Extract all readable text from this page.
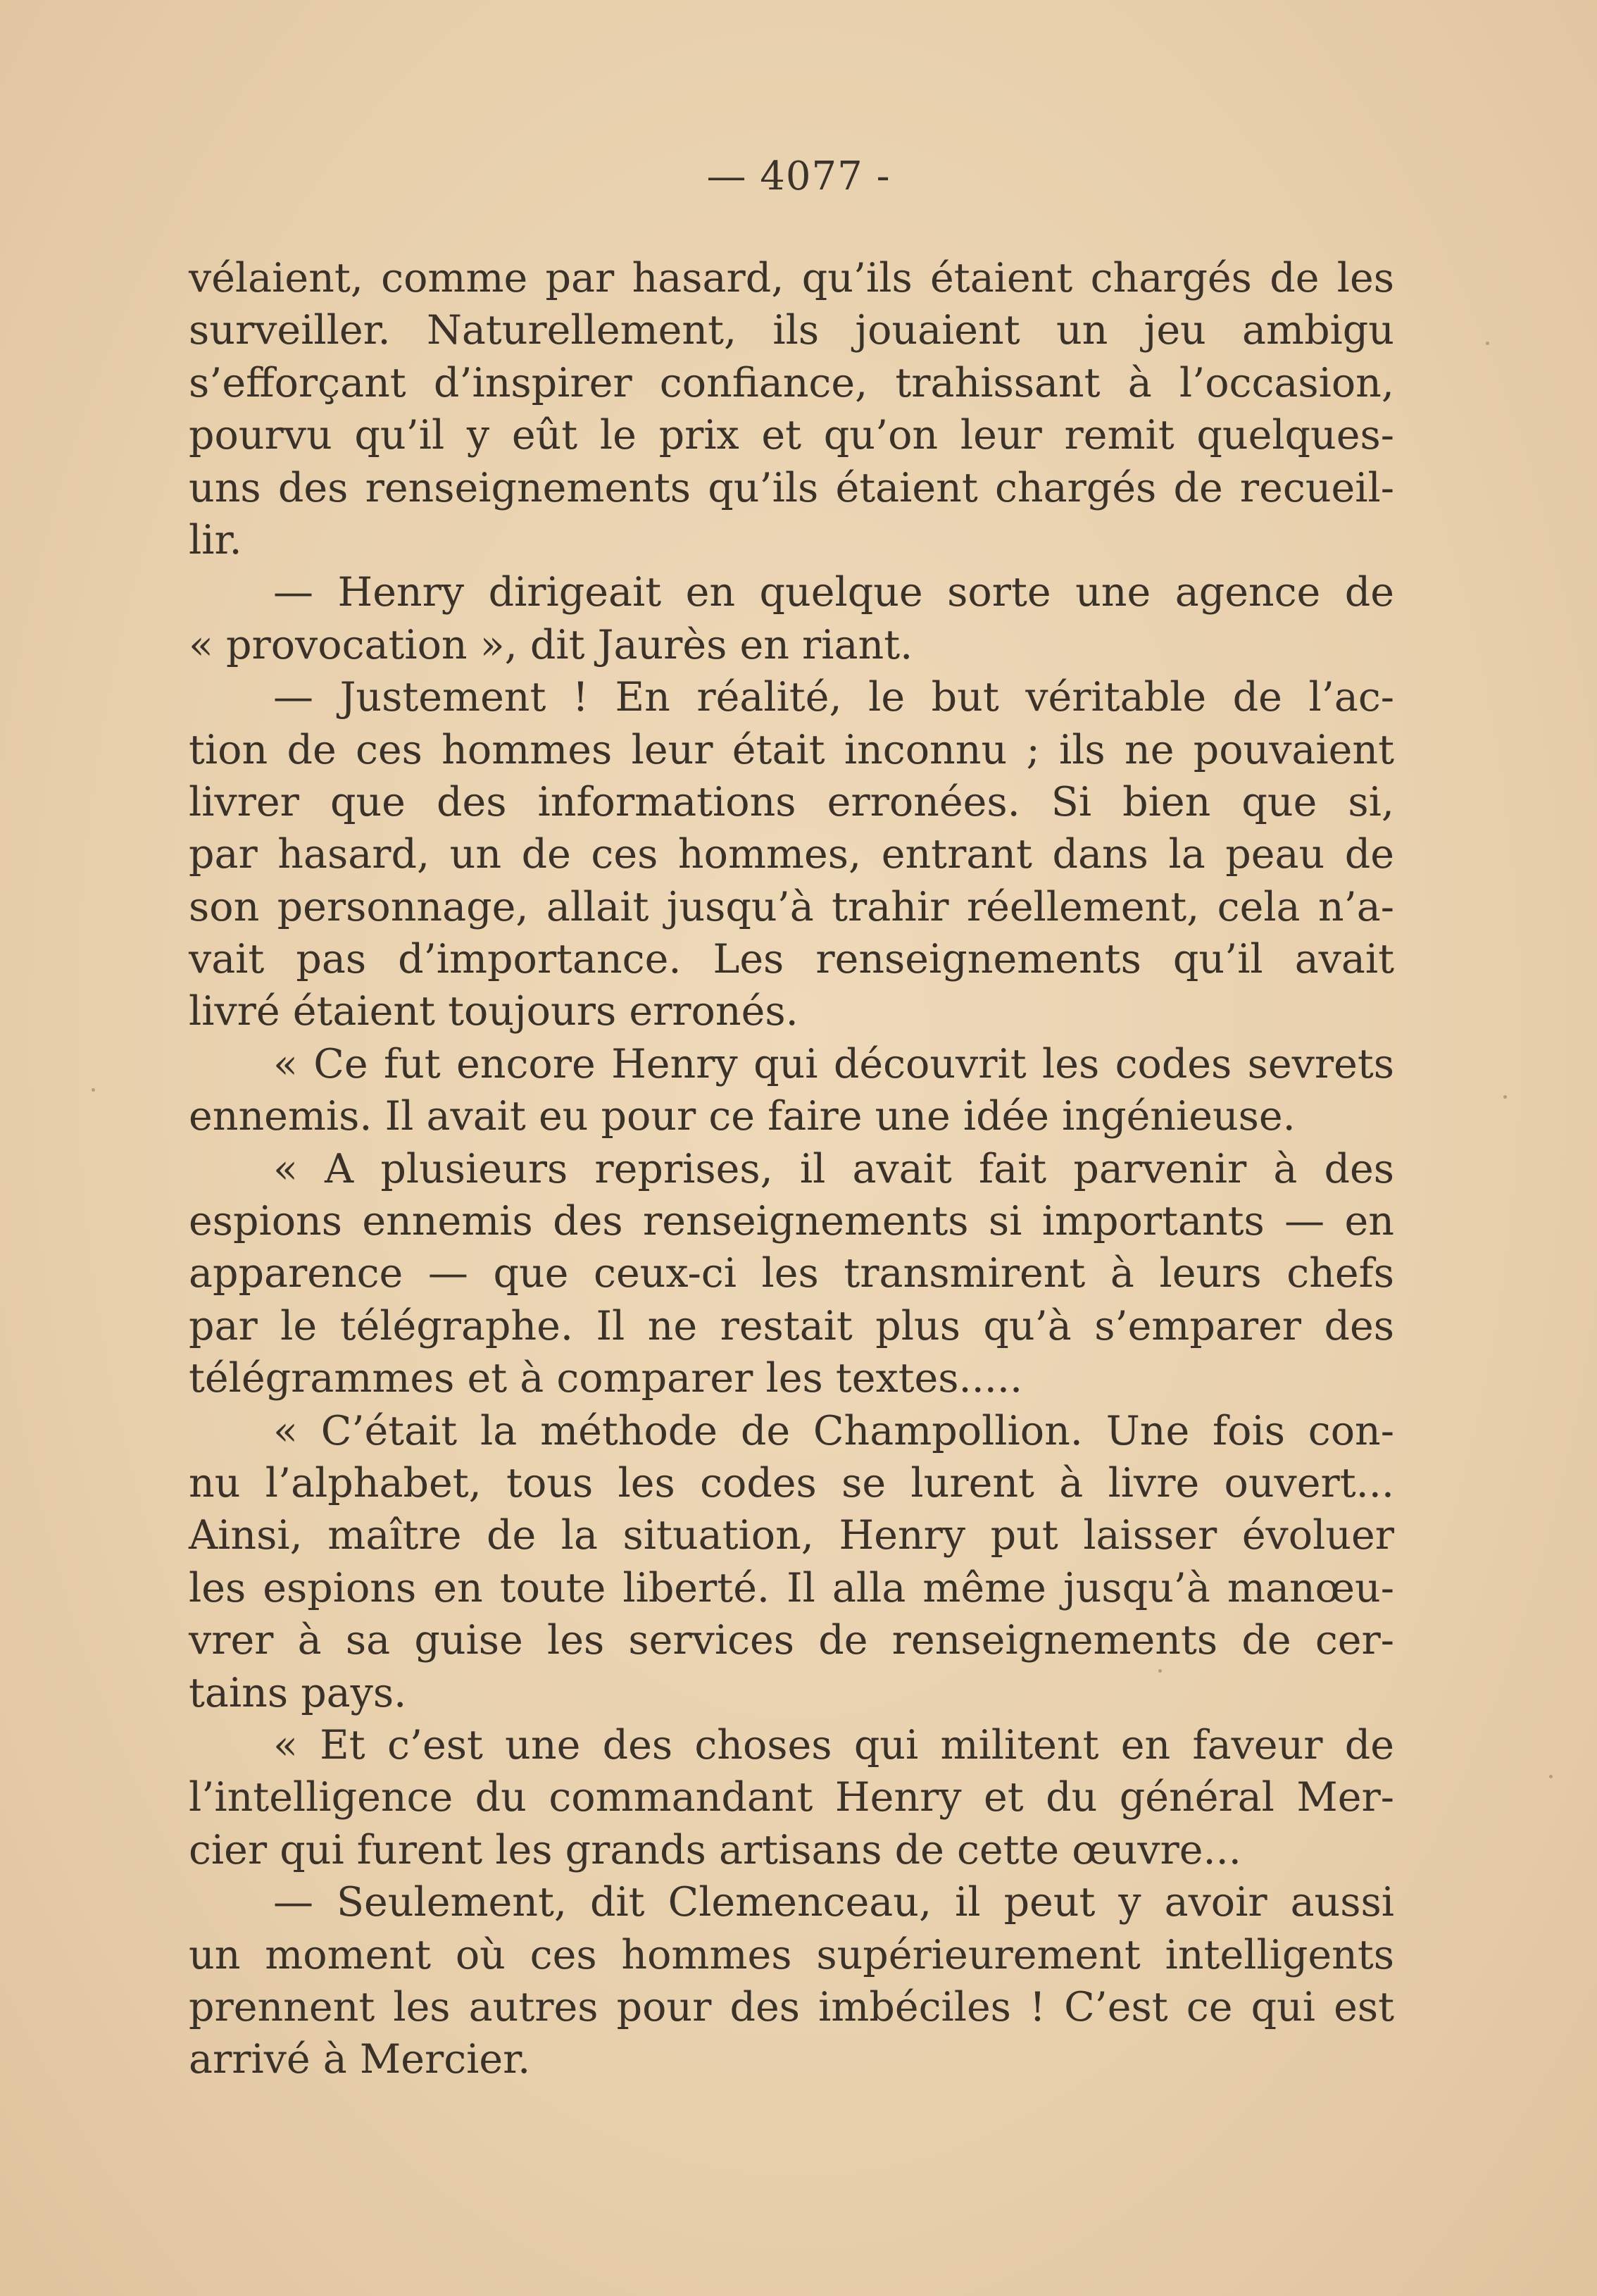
— 4077 -
vélaient, comme par hasard, qu’ils étaient chargés de les
surveiller. Naturellement, ils jouaient un jeu ambigu
s’efforçant d’inspirer confiance, trahissant à l’occasion,
pourvu qu’il y eût le prix et qu’on leur remit quelques-
uns des renseignements qu’ils étaient chargés de recueil-
lir.
— Henry dirigeait en quelque sorte une agence de
« provocation », dit Jaurès en riant.
— Justement ! En réalité, le but véritable de l’ac-
tion de ces hommes leur était inconnu ; ils ne pouvaient
livrer que des informations erronées. Si bien que si,
par hasard, un de ces hommes, entrant dans la peau de
son personnage, allait jusqu’à trahir réellement, cela n’a-
vait pas d’importance. Les renseignements qu’il avait
livré étaient toujours erronés.
« Ce fut encore Henry qui découvrit les codes sevrets
ennemis. Il avait eu pour ce faire une idée ingénieuse.
« A plusieurs reprises, il avait fait parvenir à des
espions ennemis des renseignements si importants — en
apparence — que ceux-ci les transmirent à leurs chefs
par le télégraphe. Il ne restait plus qu’à s’emparer des
télégrammes et à comparer les textes.....
« C’était la méthode de Champollion. Une fois con-
nu l’alphabet, tous les codes se lurent à livre ouvert...
Ainsi, maître de la situation, Henry put laisser évoluer
les espions en toute liberté. Il alla même jusqu’à manœu-
vrer à sa guise les services de renseignements de cer-
tains pays.
« Et c’est une des choses qui militent en faveur de
l’intelligence du commandant Henry et du général Mer-
cier qui furent les grands artisans de cette œuvre...
— Seulement, dit Clemenceau, il peut y avoir aussi
un moment où ces hommes supérieurement intelligents
prennent les autres pour des imbéciles ! C’est ce qui est
arrivé à Mercier.
